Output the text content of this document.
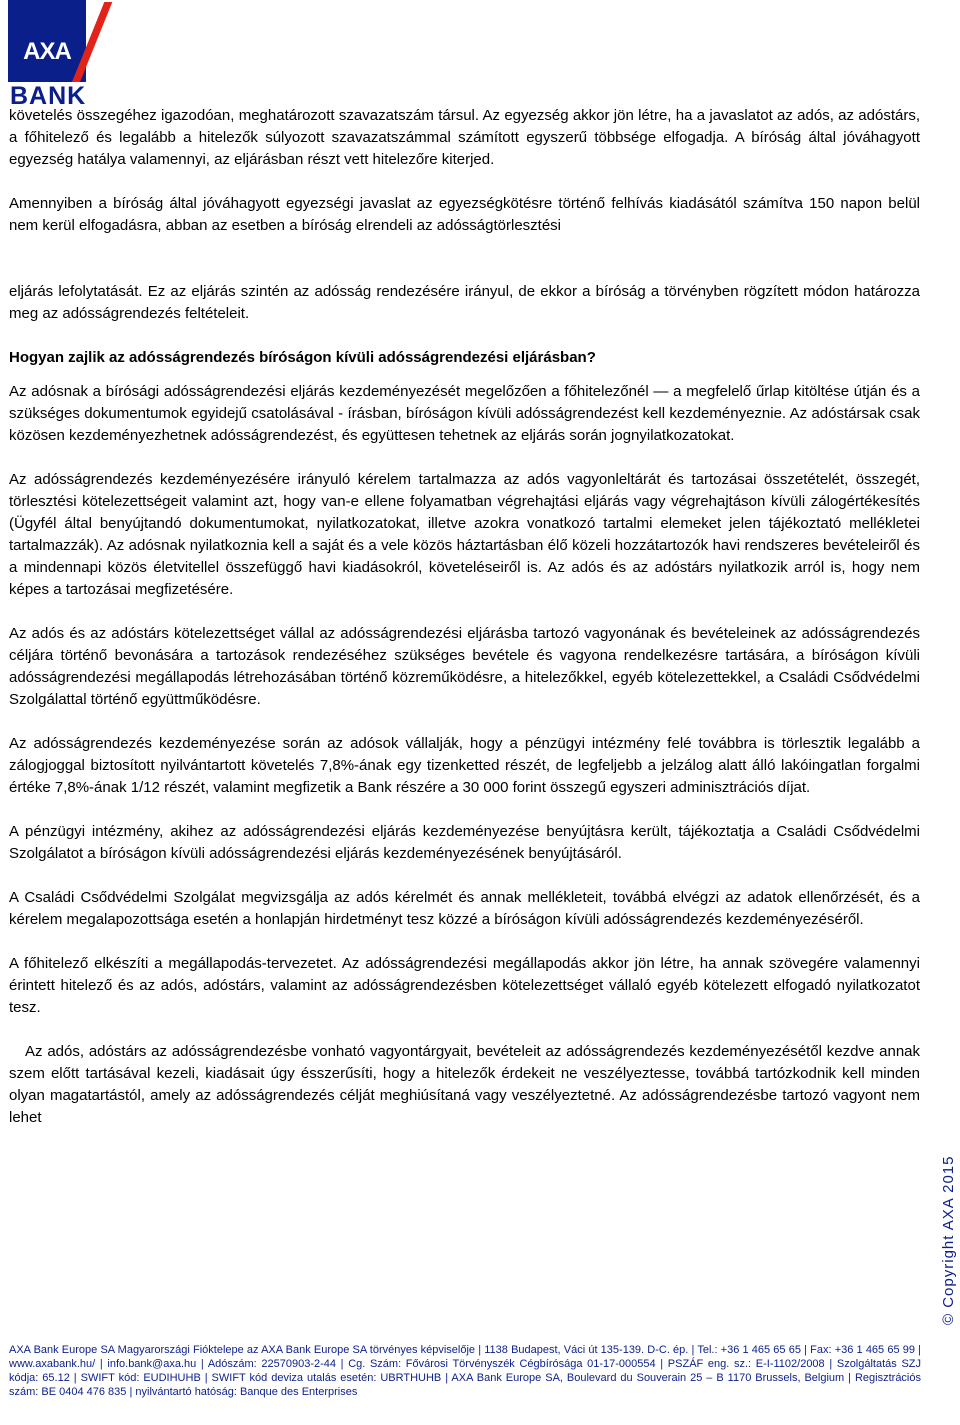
AXA
BANK

követelés összegéhez igazodóan, meghatározott szavazatszám társul. Az egyezség akkor jön létre, ha a javaslatot az adós, az adóstárs, a főhitelező és legalább a hitelezők súlyozott szavazatszámmal számított egyszerű többsége elfogadja. A bíróság által jóváhagyott egyezség hatálya valamennyi, az eljárásban részt vett hitelezőre kiterjed.

Amennyiben a bíróság által jóváhagyott egyezségi javaslat az egyezségkötésre történő felhívás kiadásától számítva 150 napon belül nem kerül elfogadásra, abban az esetben a bíróság elrendeli az adósságtörlesztési

eljárás lefolytatását. Ez az eljárás szintén az adósság rendezésére irányul, de ekkor a bíróság a törvényben rögzített módon határozza meg az adósságrendezés feltételeit.

Hogyan zajlik az adósságrendezés bíróságon kívüli adósságrendezési eljárásban?

Az adósnak a bírósági adósságrendezési eljárás kezdeményezését megelőzően a főhitelezőnél — a megfelelő űrlap kitöltése útján és a szükséges dokumentumok egyidejű csatolásával - írásban, bíróságon kívüli adósságrendezést kell kezdeményeznie. Az adóstársak csak közösen kezdeményezhetnek adósságrendezést, és együttesen tehetnek az eljárás során jognyilatkozatokat.

Az adósságrendezés kezdeményezésére irányuló kérelem tartalmazza az adós vagyonleltárát és tartozásai összetételét, összegét, törlesztési kötelezettségeit valamint azt, hogy van-e ellene folyamatban végrehajtási eljárás vagy végrehajtáson kívüli zálogértékesítés (Ügyfél által benyújtandó dokumentumokat, nyilatkozatokat, illetve azokra vonatkozó tartalmi elemeket jelen tájékoztató mellékletei tartalmazzák). Az adósnak nyilatkoznia kell a saját és a vele közös háztartásban élő közeli hozzátartozók havi rendszeres bevételeiről és a mindennapi közös életvitellel összefüggő havi kiadásokról, követeléseiről is. Az adós és az adóstárs nyilatkozik arról is, hogy nem képes a tartozásai megfizetésére.

Az adós és az adóstárs kötelezettséget vállal az adósságrendezési eljárásba tartozó vagyonának és bevételeinek az adósságrendezés céljára történő bevonására a tartozások rendezéséhez szükséges bevétele és vagyona rendelkezésre tartására, a bíróságon kívüli adósságrendezési megállapodás létrehozásában történő közreműködésre, a hitelezőkkel, egyéb kötelezettekkel, a Családi Csődvédelmi Szolgálattal történő együttműködésre.

Az adósságrendezés kezdeményezése során az adósok vállalják, hogy a pénzügyi intézmény felé továbbra is törlesztik legalább a zálogjoggal biztosított nyilvántartott követelés 7,8%-ának egy tizenketted részét, de legfeljebb a jelzálog alatt álló lakóingatlan forgalmi értéke 7,8%-ának 1/12 részét, valamint megfizetik a Bank részére a 30 000 forint összegű egyszeri adminisztrációs díjat.

A pénzügyi intézmény, akihez az adósságrendezési eljárás kezdeményezése benyújtásra került, tájékoztatja a Családi Csődvédelmi Szolgálatot a bíróságon kívüli adósságrendezési eljárás kezdeményezésének benyújtásáról.

A Családi Csődvédelmi Szolgálat megvizsgálja az adós kérelmét és annak mellékleteit, továbbá elvégzi az adatok ellenőrzését, és a kérelem megalapozottsága esetén a honlapján hirdetményt tesz közzé a bíróságon kívüli adósságrendezés kezdeményezéséről.

A főhitelező elkészíti a megállapodás-tervezetet. Az adósságrendezési megállapodás akkor jön létre, ha annak szövegére valamennyi érintett hitelező és az adós, adóstárs, valamint az adósságrendezésben kötelezettséget vállaló egyéb kötelezett elfogadó nyilatkozatot tesz.

Az adós, adóstárs az adósságrendezésbe vonható vagyontárgyait, bevételeit az adósságrendezés kezdeményezésétől kezdve annak szem előtt tartásával kezeli, kiadásait úgy ésszerűsíti, hogy a hitelezők érdekeit ne veszélyeztesse, továbbá tartózkodnik kell minden olyan magatartástól, amely az adósságrendezés célját meghiúsítaná vagy veszélyeztetné. Az adósságrendezésbe tartozó vagyont nem lehet

© Copyright AXA 2015
AXA Bank Europe SA Magyarországi Fióktelepe az AXA Bank Europe SA törvényes képviselője | 1138 Budapest, Váci út 135-139. D-C. ép. | Tel.: +36 1 465 65 65 | Fax: +36 1 465 65 99 | www.axabank.hu/ | info.bank@axa.hu | Adószám: 22570903-2-44 | Cg. Szám: Fővárosi Törvényszék Cégbírósága 01-17-000554 | PSZÁF eng. sz.: E-I-1102/2008 | Szolgáltatás SZJ kódja: 65.12 | SWIFT kód: EUDIHUHB | SWIFT kód deviza utalás esetén: UBRTHUHB | AXA Bank Europe SA, Boulevard du Souverain 25 – B 1170 Brussels, Belgium | Regisztrációs szám: BE 0404 476 835 | nyilvántartó hatóság: Banque des Enterprises
